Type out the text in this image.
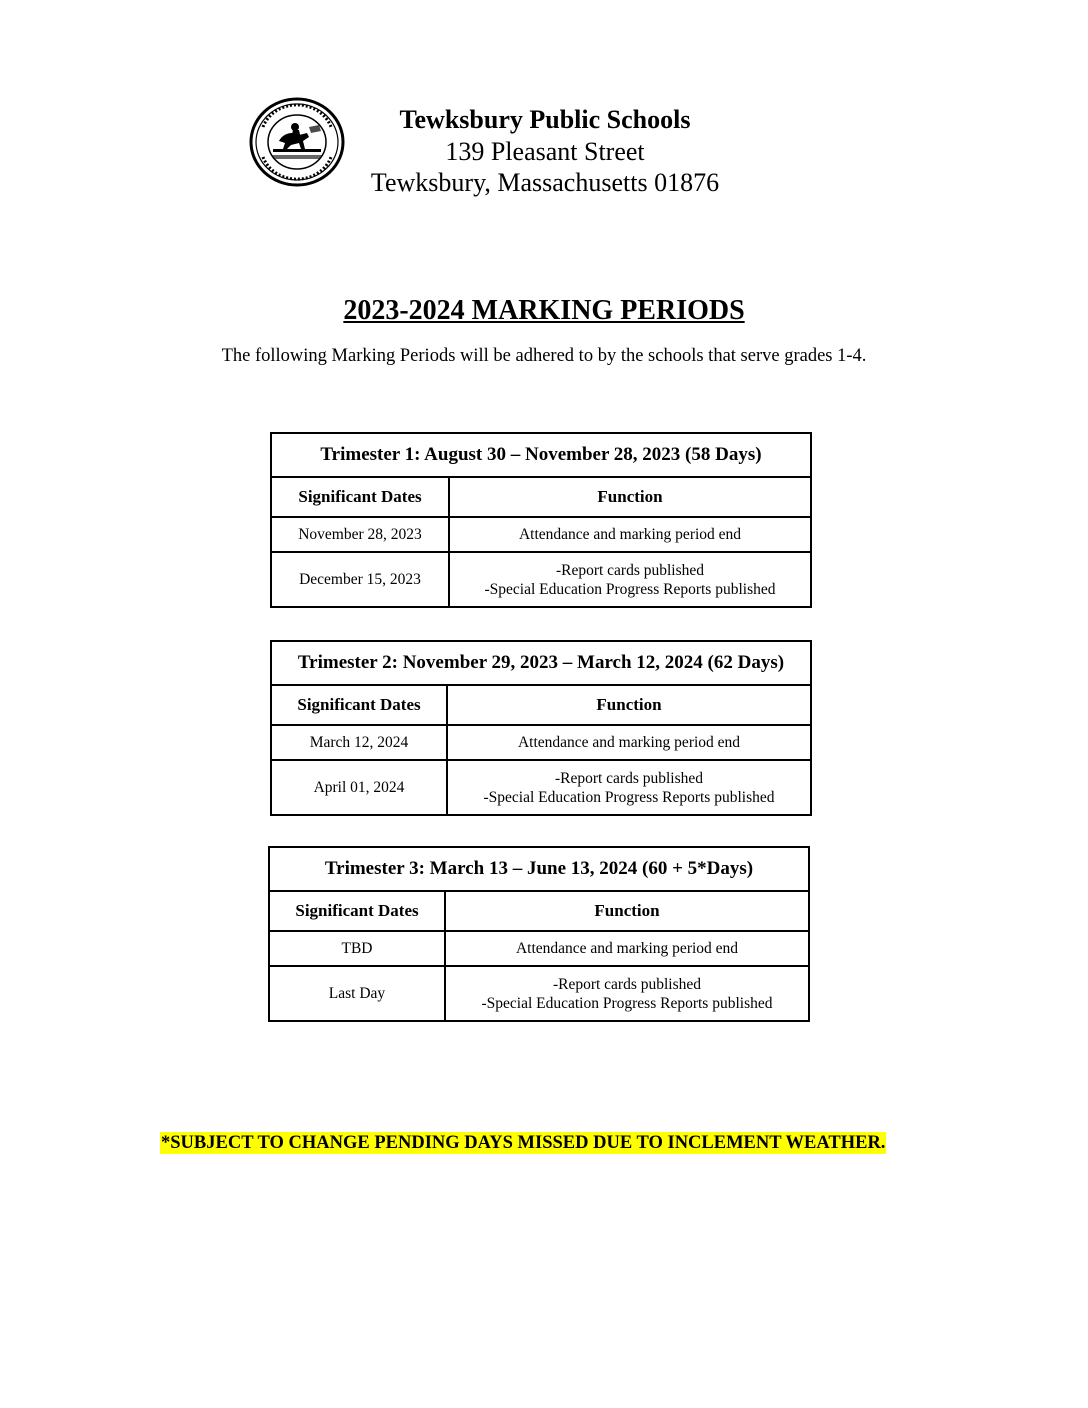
Tewksbury Public Schools
139 Pleasant Street
Tewksbury, Massachusetts 01876
2023-2024 MARKING PERIODS
The following Marking Periods will be adhered to by the schools that serve grades 1-4.
Trimester 1: August 30 – November 28, 2023 (58 Days)	
Significant Dates	Function
November 28, 2023	Attendance and marking period end

December 15, 2023	-Report cards published
-Special Education Progress Reports published
Trimester 2: November 29, 2023 – March 12, 2024 (62 Days)	
Significant Dates	Function
March 12, 2024	Attendance and marking period end

April 01, 2024	-Report cards published
-Special Education Progress Reports published
Trimester 3: March 13 – June 13, 2024 (60 + 5*Days)	
Significant Dates	Function
TBD	Attendance and marking period end

Last Day	-Report cards published
-Special Education Progress Reports published
*SUBJECT TO CHANGE PENDING DAYS MISSED DUE TO INCLEMENT WEATHER.
